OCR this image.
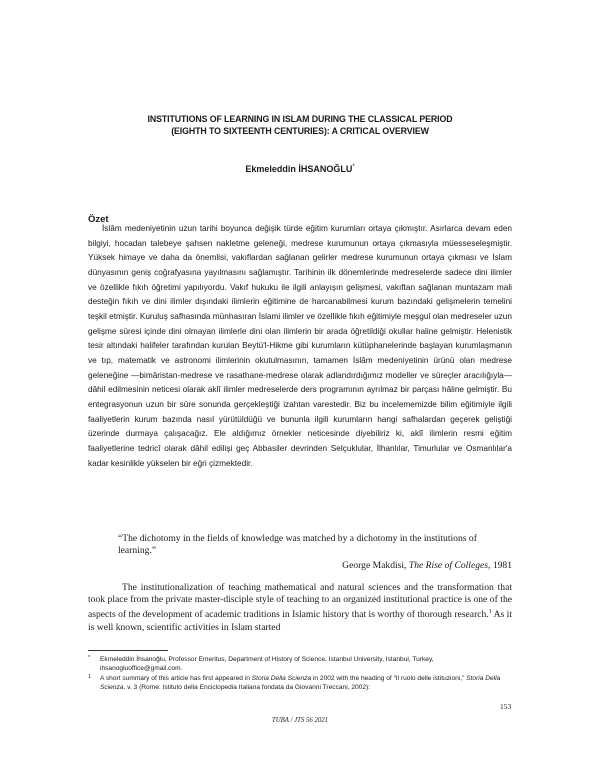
INSTITUTIONS OF LEARNING IN ISLAM DURING THE CLASSICAL PERIOD
(EIGHTH TO SIXTEENTH CENTURIES): A CRITICAL OVERVIEW
Ekmeleddin İHSANOĞLU*
Özet

İslâm medeniyetinin uzun tarihi boyunca değişik türde eğitim kurumları ortaya çıkmıştır. Asırlarca devam eden bilgiyi, hocadan talebeye şahsen nakletme geleneği, medrese kurumunun ortaya çıkmasıyla müesseseleşmiştir. Yüksek himaye ve daha da önemlisi, vakıflardan sağlanan gelirler medrese kurumunun ortaya çıkması ve İslam dünyasının geniş coğrafyasına yayılmasını sağlamıştır. Tarihinin ilk dönemlerinde medreselerde sadece dini ilimler ve özellikle fıkıh öğretimi yapılıyordu. Vakıf hukuku ile ilgili anlayışın gelişmesi, vakıftan sağlanan muntazam mali desteğin fıkıh ve dini ilimler dışındaki ilimlerin eğitimine de harcanabilmesi kurum bazındaki gelişmelerin temelini teşkil etmiştir. Kuruluş safhasında münhasıran İslami ilimler ve özellikle fıkıh eğitimiyle meşgul olan medreseler uzun gelişme süresi içinde dini olmayan ilimlerle dini olan ilimlerin bir arada öğretildiği okullar haline gelmiştir. Helenistik tesir altındaki halifeler tarafından kurulan Beytü'l-Hikme gibi kurumların kütüphanelerinde başlayan kurumlaşmanın ve tıp, matematik ve astronomi ilimlerinin okutulmasının, tamamen İslâm medeniyetinin ürünü olan medrese geleneğine —bimâristan-medrese ve rasathane-medrese olarak adlandırdığımız modeller ve süreçler aracılığıyla— dâhil edilmesinin neticesi olarak aklî ilimler medreselerde ders programının ayrılmaz bir parçası hâline gelmiştir. Bu entegrasyonun uzun bir süre sonunda gerçekleştiği izahtan varestedir. Biz bu incelememizde bilim eğitimiyle ilgili faaliyetlerin kurum bazında nasıl yürütüldüğü ve bununla ilgili kurumların hangi safhalardan geçerek geliştiği üzerinde durmaya çalışacağız. Ele aldığımız örnekler neticesinde diyebiliriz ki, aklî ilimlerin resmi eğitim faaliyetlerine tedricî olarak dâhil edilişi geç Abbasiler devrinden Selçuklular, İlhanlılar, Timurlular ve Osmanlılar'a kadar kesinlikle yükselen bir eğri çizmektedir.

“The dichotomy in the fields of knowledge was matched by a dichotomy in the institutions of learning.”

George Makdisi, The Rise of Colleges, 1981

The institutionalization of teaching mathematical and natural sciences and the transformation that took place from the private master-disciple style of teaching to an organized institutional practice is one of the aspects of the development of academic traditions in Islamic history that is worthy of thorough research.$^1$ As it is well known, scientific activities in Islam started

*	Ekmeleddin İhsanoğlu, Professor Emeritus, Department of History of Science, Istanbul University, Istanbul, Turkey, ihsanogluoffice@gmail.com.
1	A short summary of this article has first appeared in Storia Della Scienza in 2002 with the heading of “Il ruolo delle istituzioni,” Storia Della Scienza, v. 3 (Rome: Istituto della Enciclopedia Italiana fondata da Giovanni Treccani, 2002):
153
TUBA / JTS 56 2021
